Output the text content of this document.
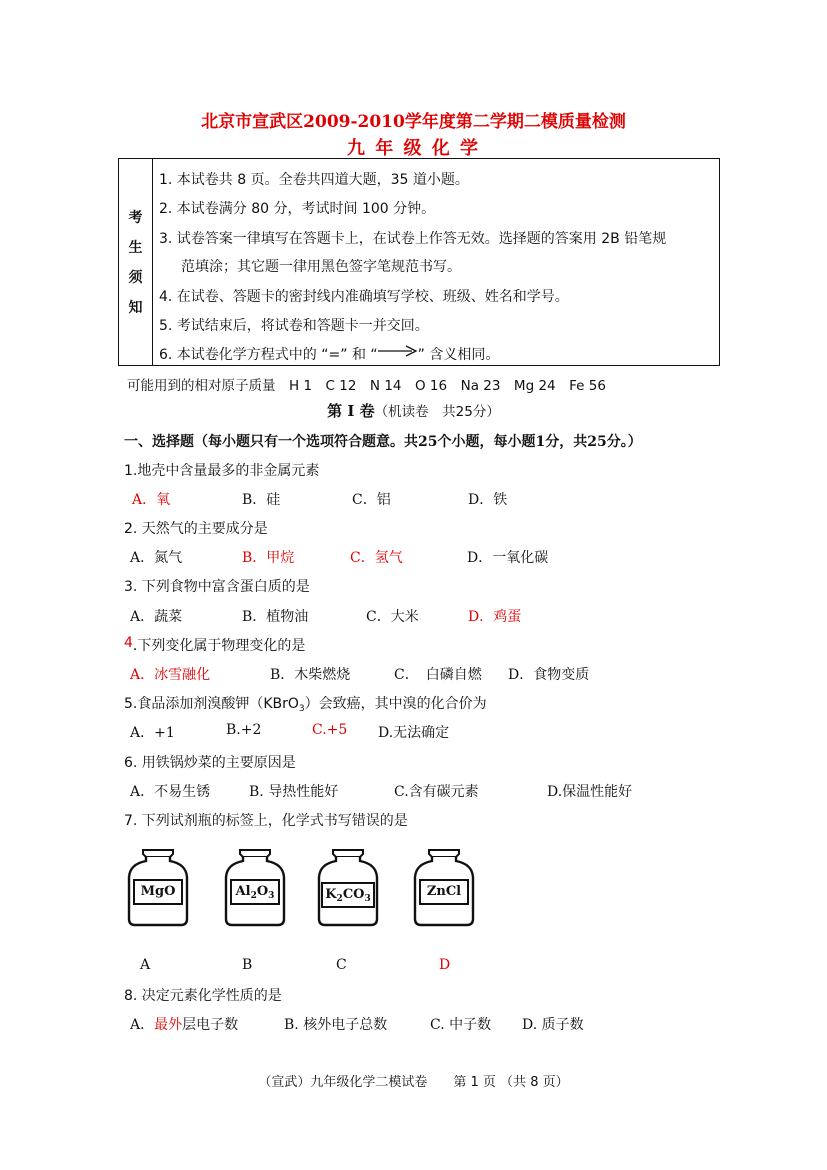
北京市宣武区2009-2010学年度第二学期二模质量检测
九 年 级 化 学
考
生
须
知
1. 本试卷共 8 页。全卷共四道大题，35 道小题。
2. 本试卷满分 80 分，考试时间 100 分钟。
3. 试卷答案一律填写在答题卡上，在试卷上作答无效。选择题的答案用 2B 铅笔规
范填涂；其它题一律用黑色签字笔规范书写。
4. 在试卷、答题卡的密封线内准确填写学校、班级、姓名和学号。
5. 考试结束后，将试卷和答题卡一并交回。
6. 本试卷化学方程式中的 “=” 和 “→” 含义相同。
可能用到的相对原子质量　H 1　C 12　N 14　O 16　Na 23　Mg 24　Fe 56
第 I 卷（机读卷　共25分）
一、选择题（每小题只有一个选项符合题意。共25个小题，每小题1分，共25分。）
1.地壳中含量最多的非金属元素
A．氧	B．硅	C．铝	D．铁
2. 天然气的主要成分是
A．氮气	B．甲烷	C．氢气	D．一氧化碳
3. 下列食物中富含蛋白质的是
A．蔬菜	B．植物油	C．大米	D．鸡蛋
.下列变化属于物理变化的是
4
A．冰雪融化	B．木柴燃烧	C．　白磷自燃 D．食物变质
5.食品添加剂溴酸钾（KBrO$_3$）会致癌，其中溴的化合价为
A．+1	B.+2	C.+5 D.无法确定
6. 用铁锅炒菜的主要原因是
A．不易生锈	B. 导热性能好	C.含有碳元素	D.保温性能好
7. 下列试剂瓶的标签上，化学式书写错误的是
MgO	$Al_2O_3$	$K_2CO_3$	ZnCl
A	B	C	D
8. 决定元素化学性质的是
A．最外层电子数	B. 核外电子总数	C. 中子数 D. 质子数
（宣武）九年级化学二模试卷　　第 1 页 （共 8 页）
